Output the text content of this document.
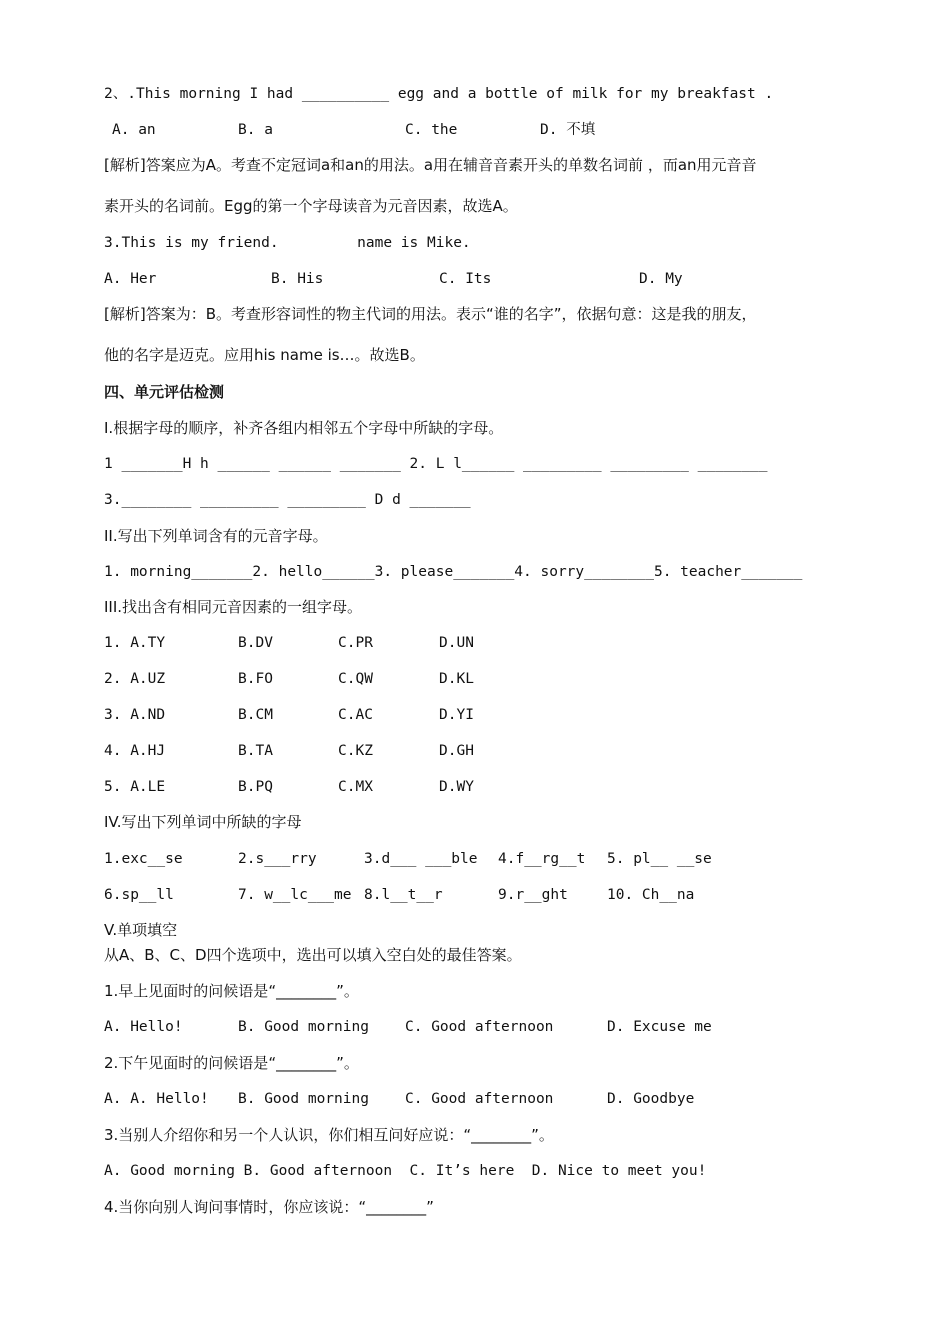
2、.This morning I had __________ egg and a bottle of milk for my breakfast .

A. an

	B. a

	C. the

	D. 不填

[解析]答案应为A。考查不定冠词a和an的用法。a用在辅音音素开头的单数名词前 ，而an用元音音
素开头的名词前。Egg的第一个字母读音为元音因素，故选A。
3.This is my friend.         name is Mike.

A. Her

	B. His

	C. Its

	D. My

[解析]答案为：B。考查形容词性的物主代词的用法。表示“谁的名字”，依据句意：这是我的朋友，
他的名字是迈克。应用his name is…。故选B。
四、单元评估检测
I.根据字母的顺序，补齐各组内相邻五个字母中所缺的字母。
1 _______H h ______ ______ _______ 2. L l______ _________ _________ ________
3.________ _________ _________ D d _______
II.写出下列单词含有的元音字母。
1. morning_______2. hello______3. please_______4. sorry________5. teacher_______
III.找出含有相同元音因素的一组字母。

1. A.TY

	B.DV

	C.PR

	D.UN

2. A.UZ

	B.FO

	C.QW

	D.KL

3. A.ND

	B.CM

	C.AC

	D.YI

4. A.HJ

	B.TA

	C.KZ

	D.GH

5. A.LE

	B.PQ

	C.MX

	D.WY

IV.写出下列单词中所缺的字母

1.exc__se

	2.s___rry

	3.d___ ___ble

4.f__rg__t

5. pl__ __se

6.sp__ll

	7. w__lc___me

8.l__t__r

	9.r__ght

	10. Ch__na

V.单项填空
从A、B、C、D四个选项中，选出可以填入空白处的最佳答案。
1.早上见面时的问候语是“________”。

A. Hello!

	B. Good morning

C. Good afternoon

	D. Excuse me

2.下午见面时的问候语是“________”。

A. A. Hello!

B. Good morning

C. Good afternoon

	D. Goodbye

3.当别人介绍你和另一个人认识，你们相互问好应说：“________”。
A. Good morning B. Good afternoon  C. It’s here  D. Nice to meet you!
4.当你向别人询问事情时，你应该说：“________”
